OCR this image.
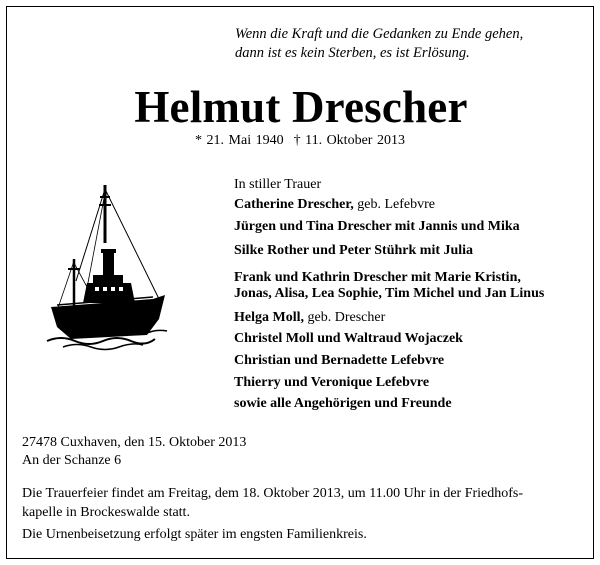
Wenn die Kraft und die Gedanken zu Ende gehen,
dann ist es kein Sterben, es ist Erlösung.
Helmut Drescher
* 21. Mai 1940 † 11. Oktober 2013
In stiller Trauer
Catherine Drescher, geb. Lefebvre
Jürgen und Tina Drescher mit Jannis und Mika
Silke Rother und Peter Stührk mit Julia
Frank und Kathrin Drescher mit Marie Kristin,
Jonas, Alisa, Lea Sophie, Tim Michel und Jan Linus
Helga Moll, geb. Drescher
Christel Moll und Waltraud Wojaczek
Christian und Bernadette Lefebvre
Thierry und Veronique Lefebvre
sowie alle Angehörigen und Freunde
27478 Cuxhaven, den 15. Oktober 2013
An der Schanze 6
Die Trauerfeier findet am Freitag, dem 18. Oktober 2013, um 11.00 Uhr in der Friedhofs-
kapelle in Brockeswalde statt.
Die Urnenbeisetzung erfolgt später im engsten Familienkreis.
